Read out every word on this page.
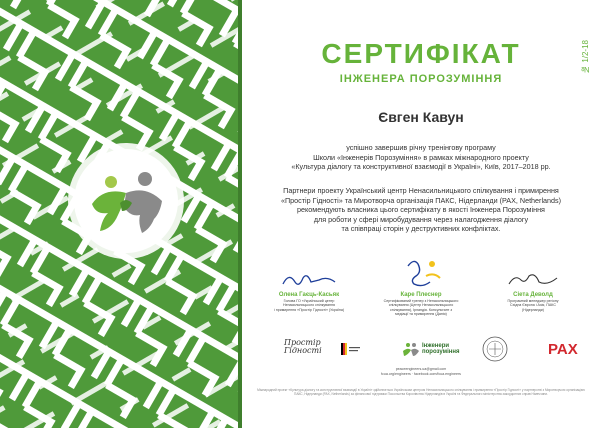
СЕРТИФІКАТ
ІНЖЕНЕРА ПОРОЗУМІННЯ
№ 1/2-18
Євген Кавун
успішно завершив річну тренінгову програму
Школи «Інженерів Порозуміння» в рамках міжнародного проекту
«Культура діалогу та конструктивної взаємодії в Україні», Київ, 2017–2018 рр.
Партнери проекту Український центр Ненасильницького спілкування і примирення
«Простір Гідності» та Миротворча організація ПАКС, Нідерланди (PAX, Netherlands)
рекомендують власника цього сертифікату в якості Інженера Порозуміння
для роботи у сфері миробудування через налагодження діалогу
та співпраці сторін у деструктивних конфліктах.
Олена Гаєць-Касьяк
Голова ГО «Український центр
Ненасильницького спілкування
і примирення «Простір Гідності» (Україна)
Каре Плеснер
Сертифікований тренер з Ненасильницького
спілкування (Центр Ненасильницького
спілкування), Ірландія. Консультант з
медіації та примирення (Данія)
Сіета Деволд
Програмний менеджер регіону
Східна Європа і Азія, ПАКС
(Нідерланди)
Простір Гідності
Інженери порозуміння	PAX
peaceengineers.ua@gmail.com
fcua.org/engineers · facebook.com/fcua.engineers
Міжнародний проект «Культура діалогу та конструктивної взаємодії в Україні» здійснюється Українським центром Ненасильницького спілкування і примирення «Простір Гідності» у партнерстві з Миротворчою організацією ПАКС, Нідерланди (PAX, Netherlands) за фінансової підтримки Посольства Королівства Нідерландів в Україні та Федерального міністерства закордонних справ Німеччини.
